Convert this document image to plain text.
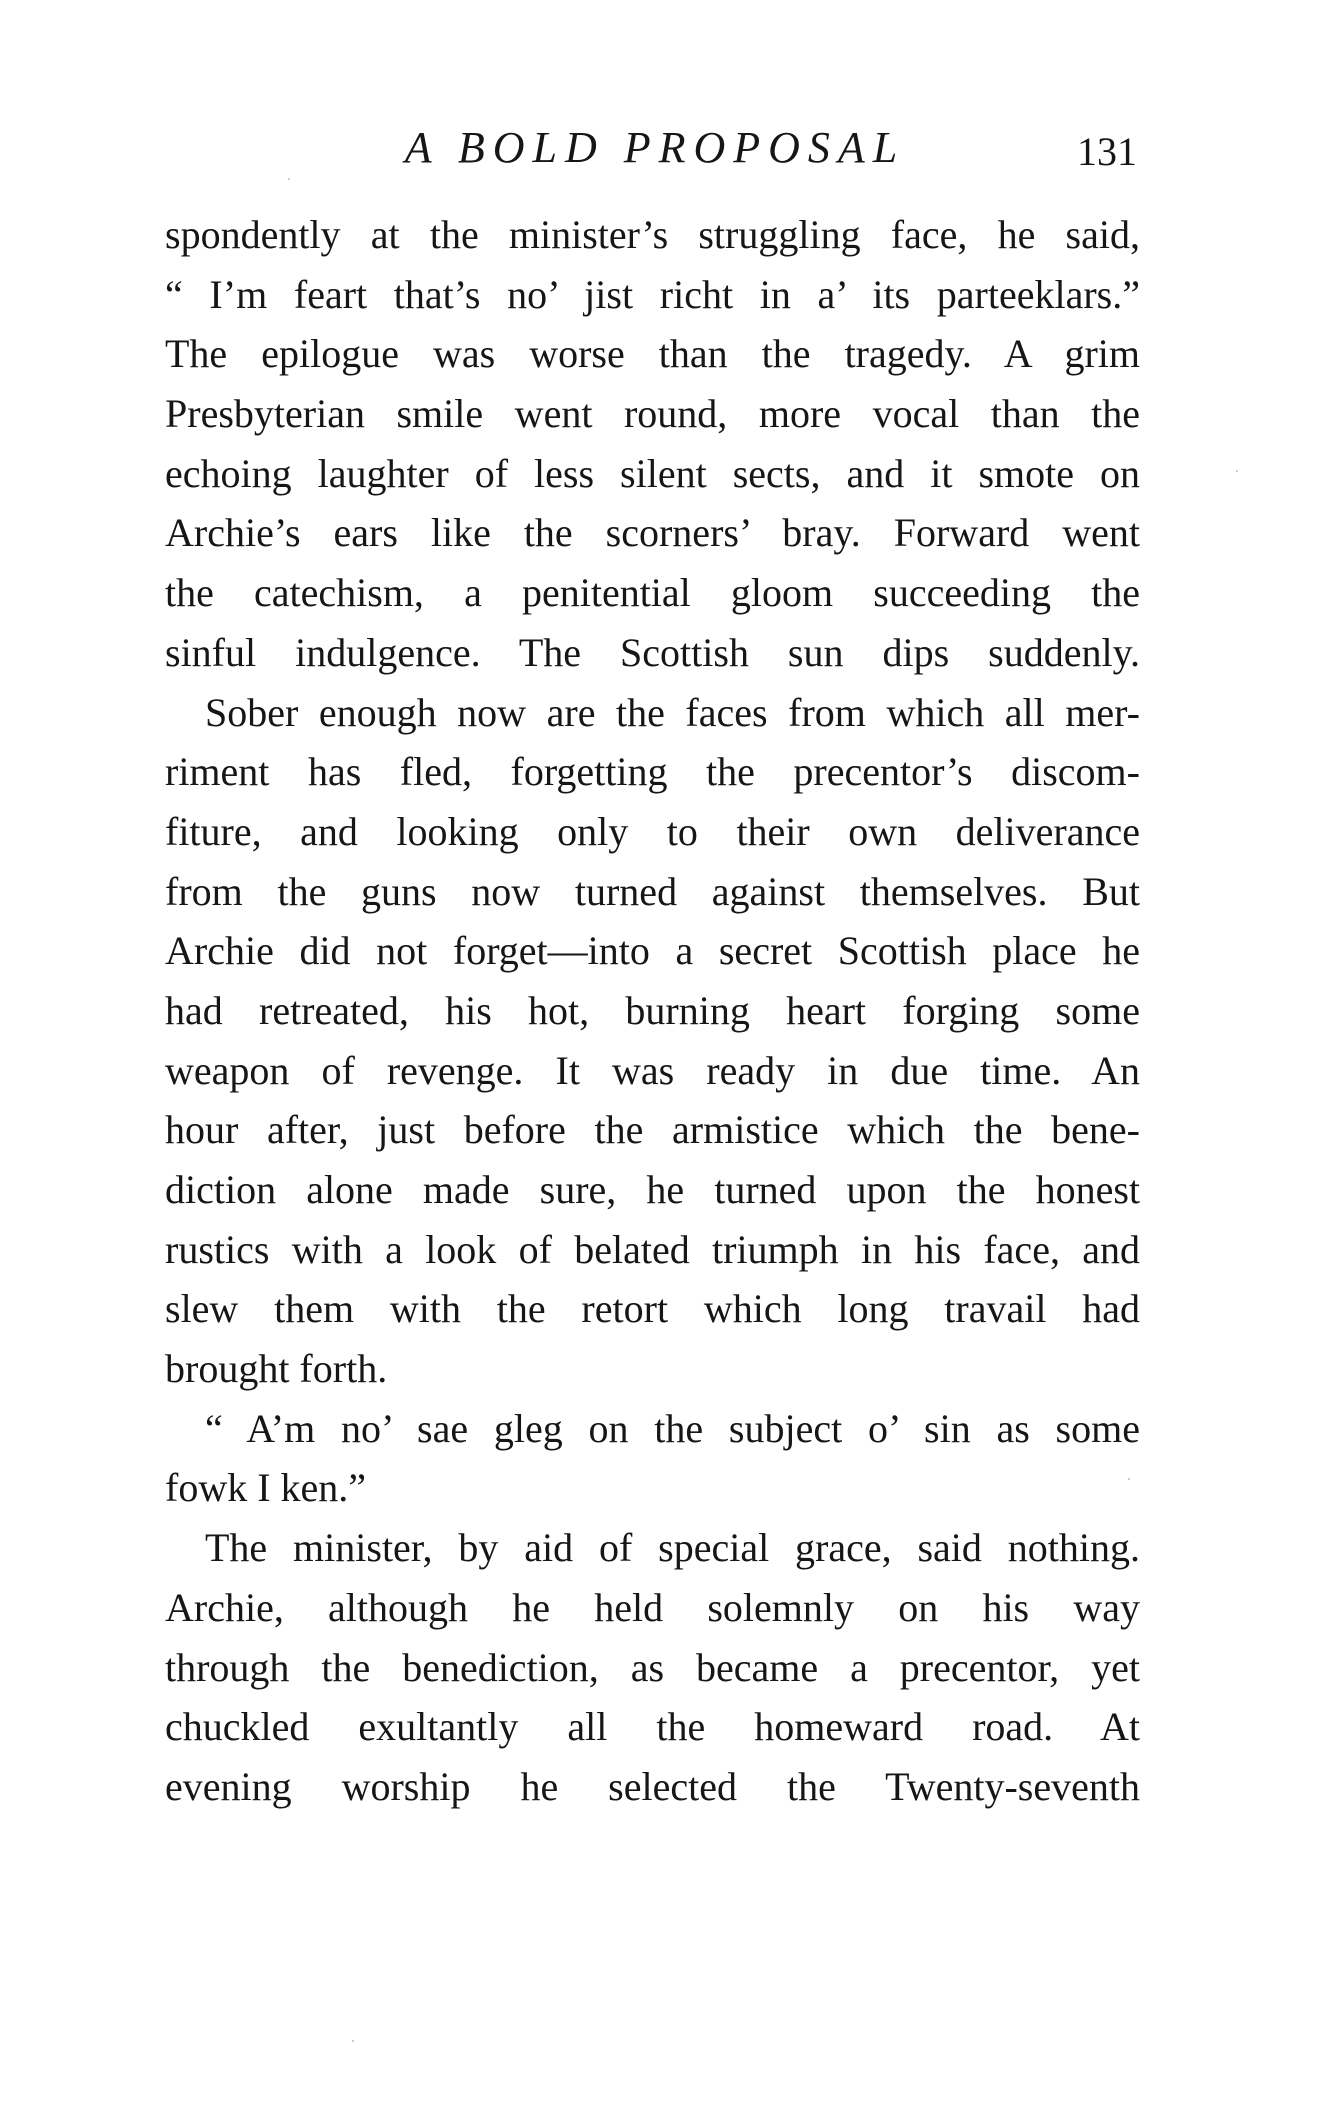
A BOLD PROPOSAL	131
spondently at the minister’s struggling face, he said,
“ I’m feart that’s no’ jist richt in a’ its parteeklars.”
The epilogue was worse than the tragedy. A grim
Presbyterian smile went round, more vocal than the
echoing laughter of less silent sects, and it smote on
Archie’s ears like the scorners’ bray. Forward went
the catechism, a penitential gloom succeeding the
sinful indulgence. The Scottish sun dips suddenly.
Sober enough now are the faces from which all mer-
riment has fled, forgetting the precentor’s discom-
fiture, and looking only to their own deliverance
from the guns now turned against themselves. But
Archie did not forget—into a secret Scottish place he
had retreated, his hot, burning heart forging some
weapon of revenge. It was ready in due time. An
hour after, just before the armistice which the bene-
diction alone made sure, he turned upon the honest
rustics with a look of belated triumph in his face, and
slew them with the retort which long travail had
brought forth.
“ A’m no’ sae gleg on the subject o’ sin as some
fowk I ken.”
The minister, by aid of special grace, said nothing.
Archie, although he held solemnly on his way
through the benediction, as became a precentor, yet
chuckled exultantly all the homeward road. At
evening worship he selected the Twenty-seventh
